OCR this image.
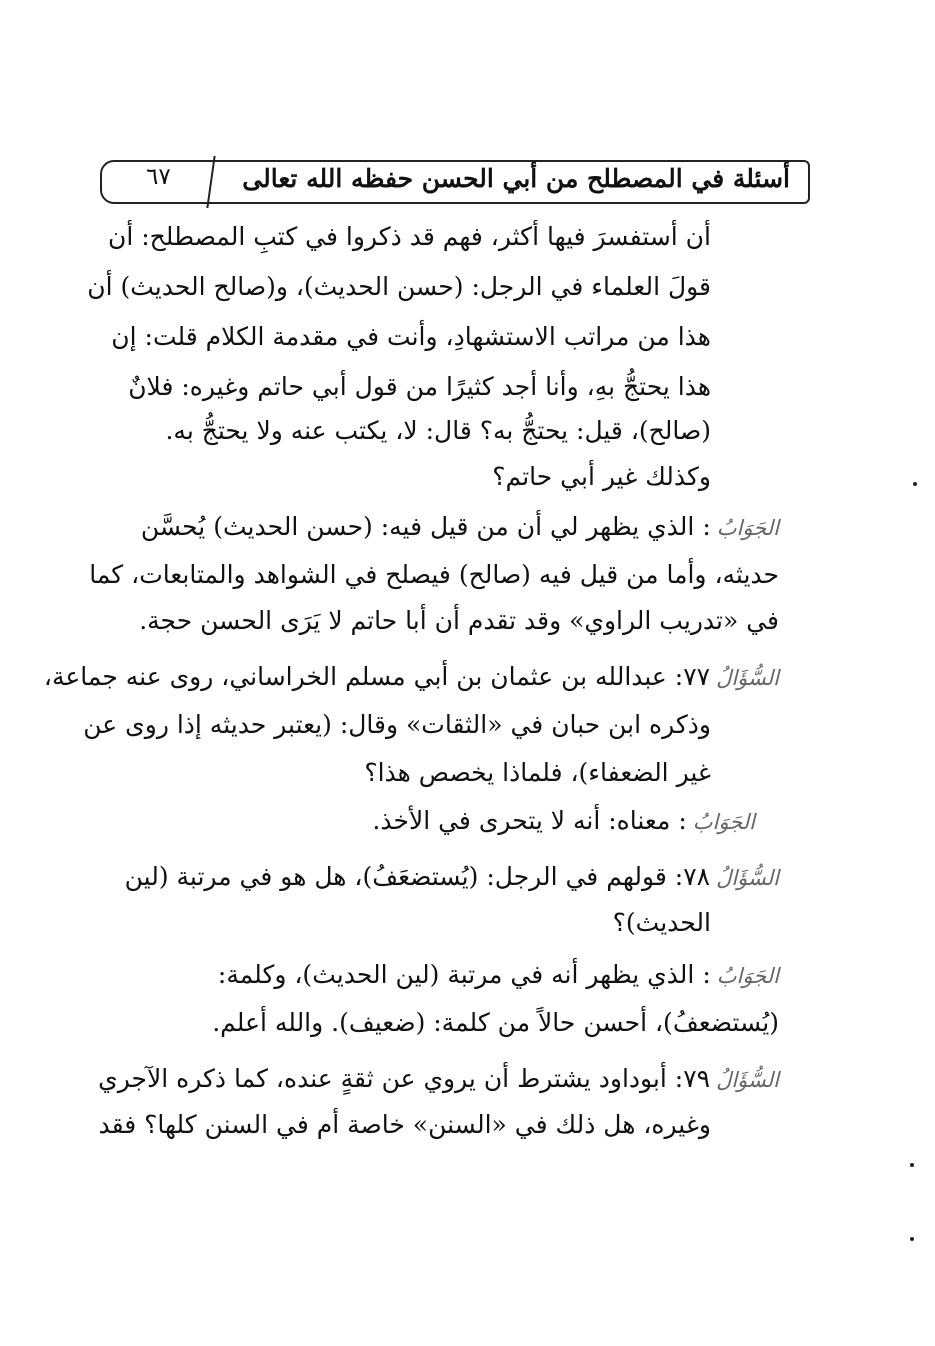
٦٧	أسئلة في المصطلح من أبي الحسن حفظه الله تعالى
أن أستفسرَ فيها أكثر، فهم قد ذكروا في كتبِ المصطلح: أن
قولَ العلماء في الرجل: (حسن الحديث)، و(صالح الحديث) أن
هذا من مراتب الاستشهادِ، وأنت في مقدمة الكلام قلت: إن
هذا يحتجُّ بهِ، وأنا أجد كثيرًا من قول أبي حاتم وغيره: فلانٌ
(صالح)، قيل: يحتجُّ به؟ قال: لا، يكتب عنه ولا يحتجُّ به.
وكذلك غير أبي حاتم؟
الجَوَابُ: الذي يظهر لي أن من قيل فيه: (حسن الحديث) يُحسَّن
حديثه، وأما من قيل فيه (صالح) فيصلح في الشواهد والمتابعات، كما
في «تدريب الراوي» وقد تقدم أن أبا حاتم لا يَرَى الحسن حجة.
السُّؤَالُ٧٧: عبدالله بن عثمان بن أبي مسلم الخراساني، روى عنه جماعة،
وذكره ابن حبان في «الثقات» وقال: (يعتبر حديثه إذا روى عن
غير الضعفاء)، فلماذا يخصص هذا؟
الجَوَابُ: معناه: أنه لا يتحرى في الأخذ.
السُّؤَالُ٧٨: قولهم في الرجل: (يُستضعَفُ)، هل هو في مرتبة (لين
الحديث)؟
الجَوَابُ: الذي يظهر أنه في مرتبة (لين الحديث)، وكلمة:
(يُستضعفُ)، أحسن حالاً من كلمة: (ضعيف). والله أعلم.
السُّؤَالُ٧٩: أبوداود يشترط أن يروي عن ثقةٍ عنده، كما ذكره الآجري
وغيره، هل ذلك في «السنن» خاصة أم في السنن كلها؟ فقد
